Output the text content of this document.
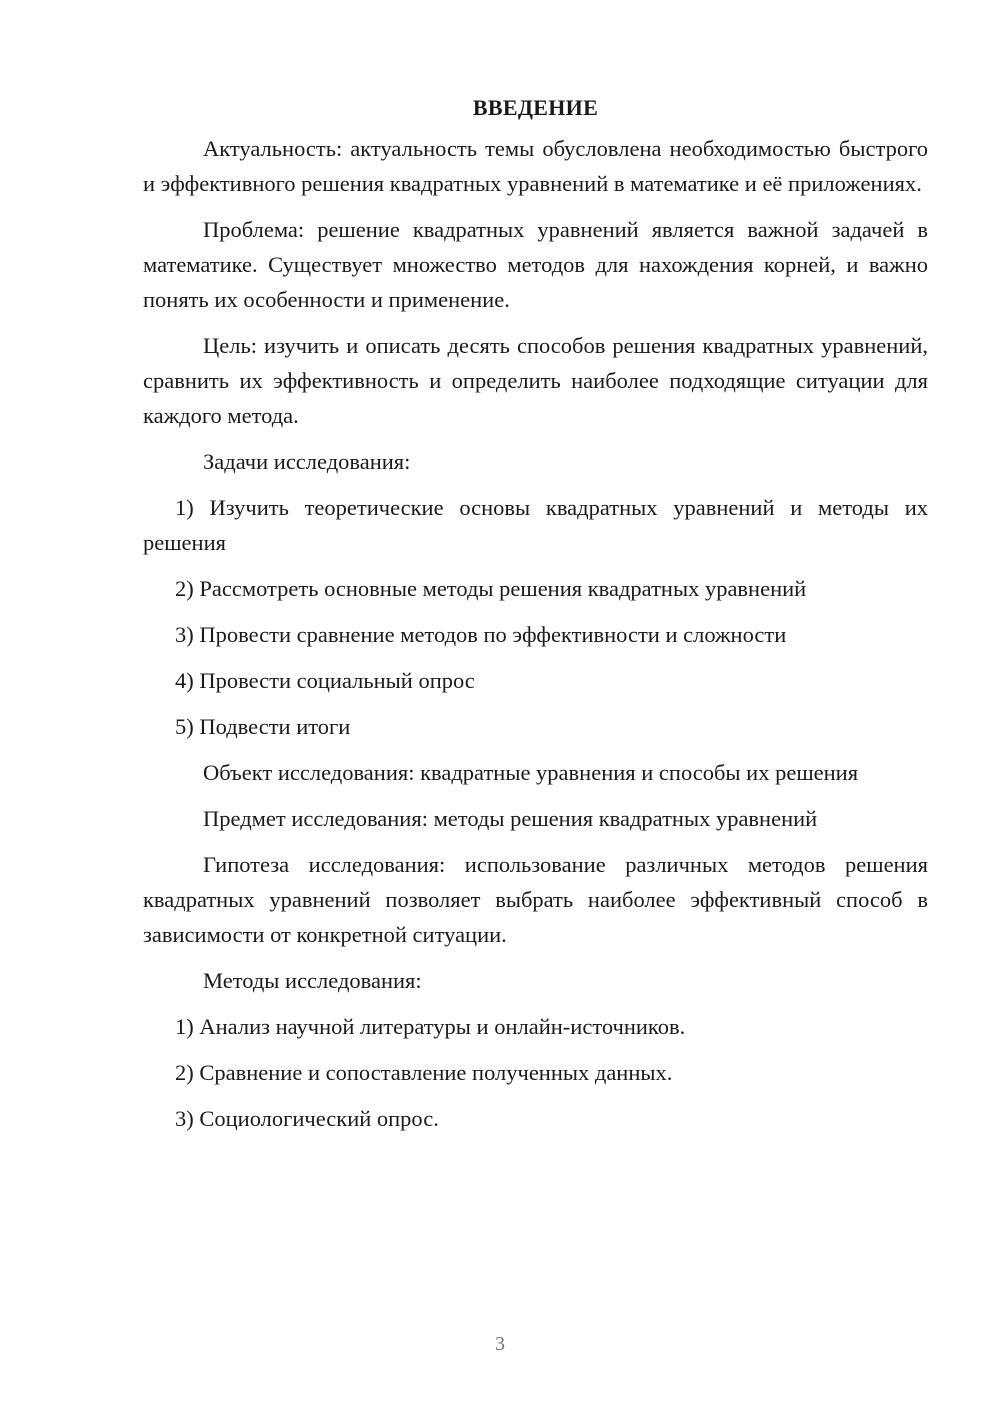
ВВЕДЕНИЕ
Актуальность: актуальность темы обусловлена необходимостью быстрого и эффективного решения квадратных уравнений в математике и её приложениях.
Проблема: решение квадратных уравнений является важной задачей в математике. Существует множество методов для нахождения корней, и важно понять их особенности и применение.
Цель: изучить и описать десять способов решения квадратных уравнений, сравнить их эффективность и определить наиболее подходящие ситуации для каждого метода.
Задачи исследования:
1) Изучить теоретические основы квадратных уравнений и методы их решения
2) Рассмотреть основные методы решения квадратных уравнений
3) Провести сравнение методов по эффективности и сложности
4) Провести социальный опрос
5) Подвести итоги
Объект исследования: квадратные уравнения и способы их решения
Предмет исследования: методы решения квадратных уравнений
Гипотеза исследования: использование различных методов решения квадратных уравнений позволяет выбрать наиболее эффективный способ в зависимости от конкретной ситуации.
Методы исследования:
1) Анализ научной литературы и онлайн-источников.
2) Сравнение и сопоставление полученных данных.
3) Социологический опрос.
3
